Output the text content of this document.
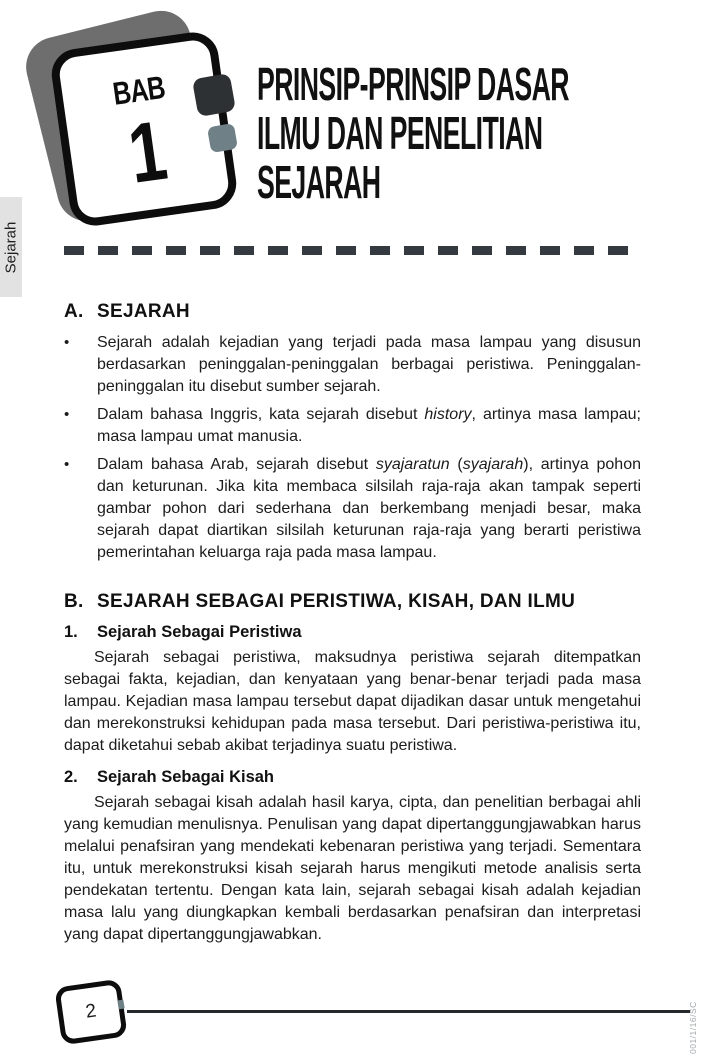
Sejarah
BAB
1
PRINSIP-PRINSIP DASAR
ILMU DAN PENELITIAN
SEJARAH
A. SEJARAH
•	Sejarah adalah kejadian yang terjadi pada masa lampau yang disusun berdasarkan peninggalan-peninggalan berbagai peristiwa. Peninggalan-peninggalan itu disebut sumber sejarah.

•	Dalam bahasa Inggris, kata sejarah disebut history, artinya masa lampau; masa lampau umat manusia.

•	Dalam bahasa Arab, sejarah disebut syajaratun (syajarah), artinya pohon dan keturunan. Jika kita membaca silsilah raja-raja akan tampak seperti gambar pohon dari sederhana dan berkembang menjadi besar, maka sejarah dapat diartikan silsilah keturunan raja-raja yang berarti peristiwa pemerintahan keluarga raja pada masa lampau.

B. SEJARAH SEBAGAI PERISTIWA, KISAH, DAN ILMU
1.	Sejarah Sebagai Peristiwa

Sejarah sebagai peristiwa, maksudnya peristiwa sejarah ditempatkan sebagai fakta, kejadian, dan kenyataan yang benar-benar terjadi pada masa lampau. Kejadian masa lampau tersebut dapat dijadikan dasar untuk mengetahui dan merekonstruksi kehidupan pada masa tersebut. Dari peristiwa-peristiwa itu, dapat diketahui sebab akibat terjadinya suatu peristiwa.

2.	Sejarah Sebagai Kisah

Sejarah sebagai kisah adalah hasil karya, cipta, dan penelitian berbagai ahli yang kemudian menulisnya. Penulisan yang dapat dipertanggungjawabkan harus melalui penafsiran yang mendekati kebenaran peristiwa yang terjadi. Sementara itu, untuk merekonstruksi kisah sejarah harus mengikuti metode analisis serta pendekatan tertentu. Dengan kata lain, sejarah sebagai kisah adalah kejadian masa lalu yang diungkapkan kembali berdasarkan penafsiran dan interpretasi yang dapat dipertanggungjawabkan.

2	001/1/16/SC
